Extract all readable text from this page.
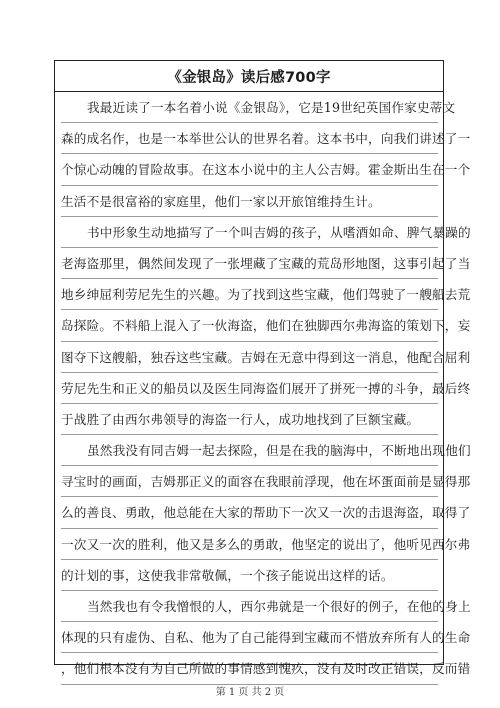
《金银岛》读后感700字
我最近读了一本名着小说《金银岛》，它是19世纪英国作家史蒂文
森的成名作，也是一本举世公认的世界名着。这本书中，向我们讲述了一
个惊心动魄的冒险故事。在这本小说中的主人公吉姆。霍金斯出生在一个
生活不是很富裕的家庭里，他们一家以开旅馆维持生计。
书中形象生动地描写了一个叫吉姆的孩子，从嗜酒如命、脾气暴躁的
老海盗那里，偶然间发现了一张埋藏了宝藏的荒岛形地图，这事引起了当
地乡绅屈利劳尼先生的兴趣。为了找到这些宝藏，他们驾驶了一艘船去荒
岛探险。不料船上混入了一伙海盗，他们在独脚西尔弗海盗的策划下，妄
图夺下这艘船，独吞这些宝藏。吉姆在无意中得到这一消息，他配合屈利
劳尼先生和正义的船员以及医生同海盗们展开了拼死一搏的斗争，最后终
于战胜了由西尔弗领导的海盗一行人，成功地找到了巨额宝藏。
虽然我没有同吉姆一起去探险，但是在我的脑海中，不断地出现他们
寻宝时的画面，吉姆那正义的面容在我眼前浮现，他在坏蛋面前是显得那
么的善良、勇敢，他总能在大家的帮助下一次又一次的击退海盗，取得了
一次又一次的胜利，他又是多么的勇敢，他坚定的说出了，他听见西尔弗
的计划的事，这使我非常敬佩，一个孩子能说出这样的话。
当然我也有令我憎恨的人，西尔弗就是一个很好的例子，在他的身上
体现的只有虚伪、自私、他为了自己能得到宝藏而不惜放弃所有人的生命
，他们根本没有为自己所做的事情感到愧疚，没有及时改正错误，反而错
第 1 页 共 2 页
